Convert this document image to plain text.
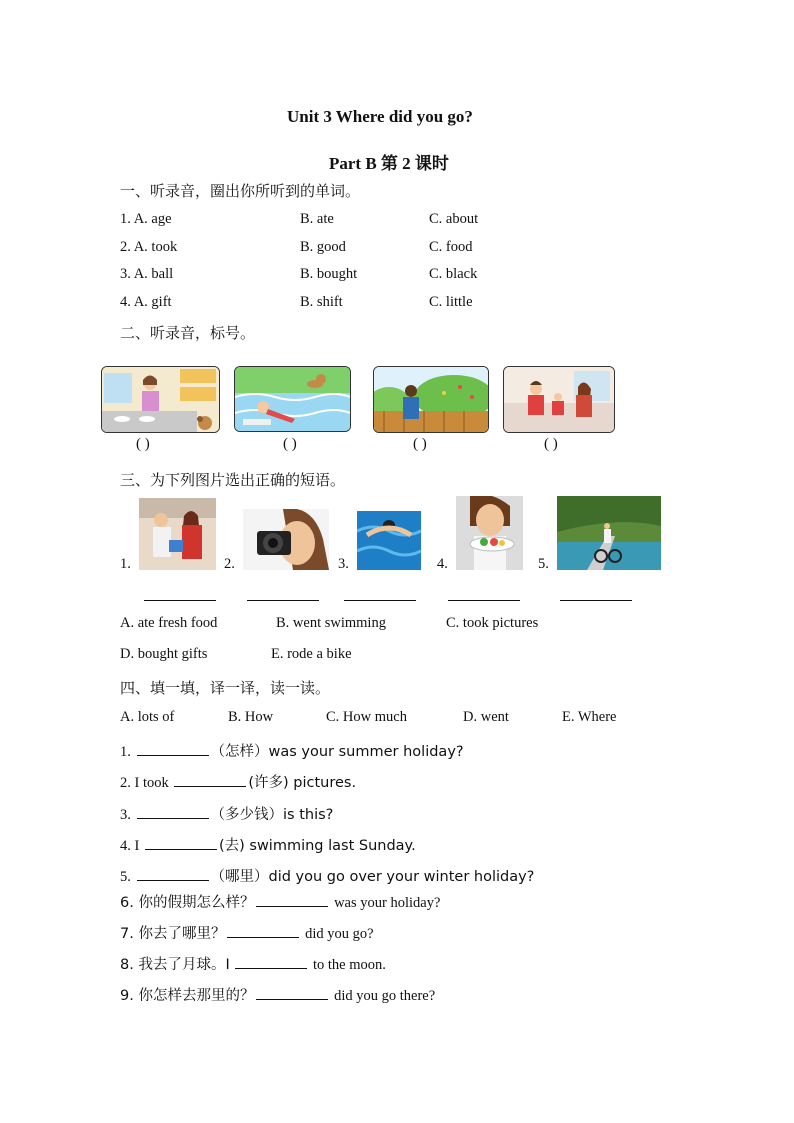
Unit 3 Where did you go?
Part B 第 2 课时
一、听录音，圈出你所听到的单词。
1. A. age	B. ate	C. about
2. A. took	B. good	C. food
3. A. ball	B. bought	C. black
4. A. gift	B. shift	C. little
二、听录音，标号。
( )	( )	( )	( )
三、为下列图片选出正确的短语。
1.	2.	3.	4.	5.
A. ate fresh food	B. went swimming	C. took pictures
D. bought gifts	E. rode a bike
四、填一填，译一译，读一读。
A. lots of	B. How	C. How much	D. went	E. Where
1.	（怎样）was your summer holiday?
2. I took	(许多) pictures.
3.	（多少钱）is this?
4. I	(去) swimming last Sunday.
5.	（哪里）did you go over your winter holiday?
6. 你的假期怎么样？	was your holiday?
7. 你去了哪里？	did you go?
8. 我去了月球。I	to the moon.
9. 你怎样去那里的？	did you go there?
